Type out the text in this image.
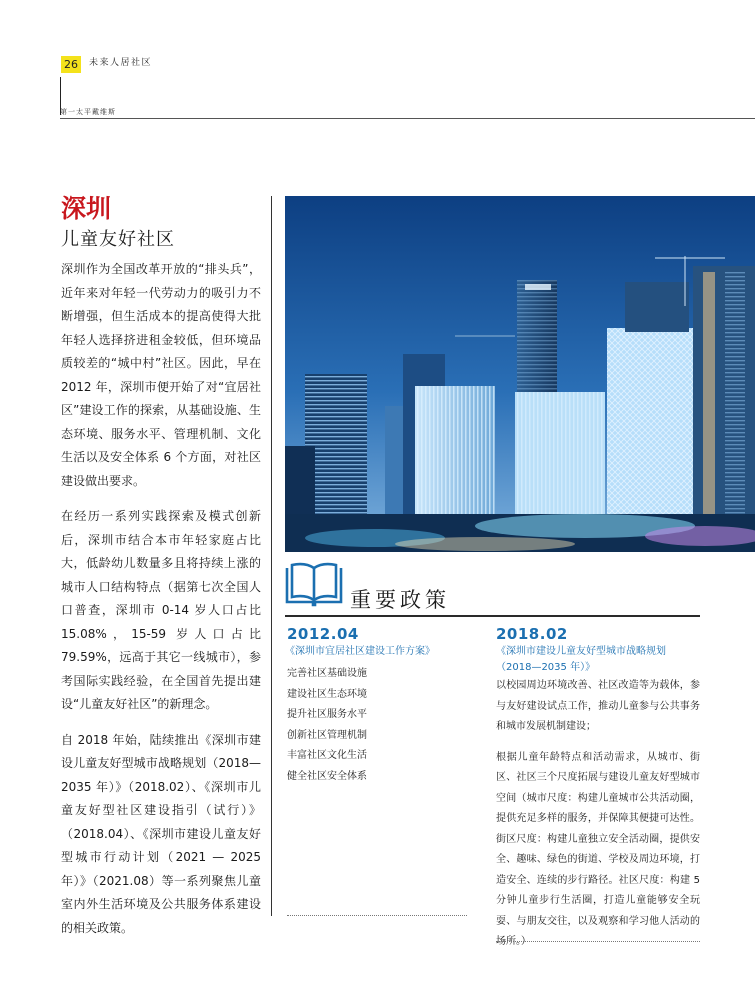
26	未来人居社区
第一太平戴维斯
深圳
儿童友好社区

深圳作为全国改革开放的“排头兵”，近年来对年轻一代劳动力的吸引力不断增强，但生活成本的提高使得大批年轻人选择挤进租金较低，但环境品质较差的“城中村”社区。因此，早在 2012 年，深圳市便开始了对“宜居社区”建设工作的探索，从基础设施、生态环境、服务水平、管理机制、文化生活以及安全体系 6 个方面，对社区建设做出要求。

在经历一系列实践探索及模式创新后，深圳市结合本市年轻家庭占比大，低龄幼儿数量多且将持续上涨的城市人口结构特点（据第七次全国人口普查，深圳市 0-14 岁人口占比 15.08%，15-59 岁人口占比 79.59%，远高于其它一线城市），参考国际实践经验，在全国首先提出建设“儿童友好社区”的新理念。

自 2018 年始，陆续推出《深圳市建设儿童友好型城市战略规划（2018—2035 年）》（2018.02）、《深圳市儿童友好型社区建设指引（试行）》（2018.04）、《深圳市建设儿童友好型城市行动计划（2021 — 2025 年）》（2021.08）等一系列聚焦儿童室内外生活环境及公共服务体系建设的相关政策。

重要政策
2012.04
《深圳市宜居社区建设工作方案》
完善社区基础设施
建设社区生态环境
提升社区服务水平
创新社区管理机制
丰富社区文化生活
健全社区安全体系
2018.02
《深圳市建设儿童友好型城市战略规划
（2018—2035 年）》

以校园周边环境改善、社区改造等为载体，参与友好建设试点工作，推动儿童参与公共事务和城市发展机制建设；

根据儿童年龄特点和活动需求，从城市、街区、社区三个尺度拓展与建设儿童友好型城市空间（城市尺度：构建儿童城市公共活动圈，提供充足多样的服务，并保障其便捷可达性。街区尺度：构建儿童独立安全活动圈，提供安全、趣味、绿色的街道、学校及周边环境，打造安全、连续的步行路径。社区尺度：构建 5 分钟儿童步行生活圈，打造儿童能够安全玩耍、与朋友交往，以及观察和学习他人活动的场所。）
